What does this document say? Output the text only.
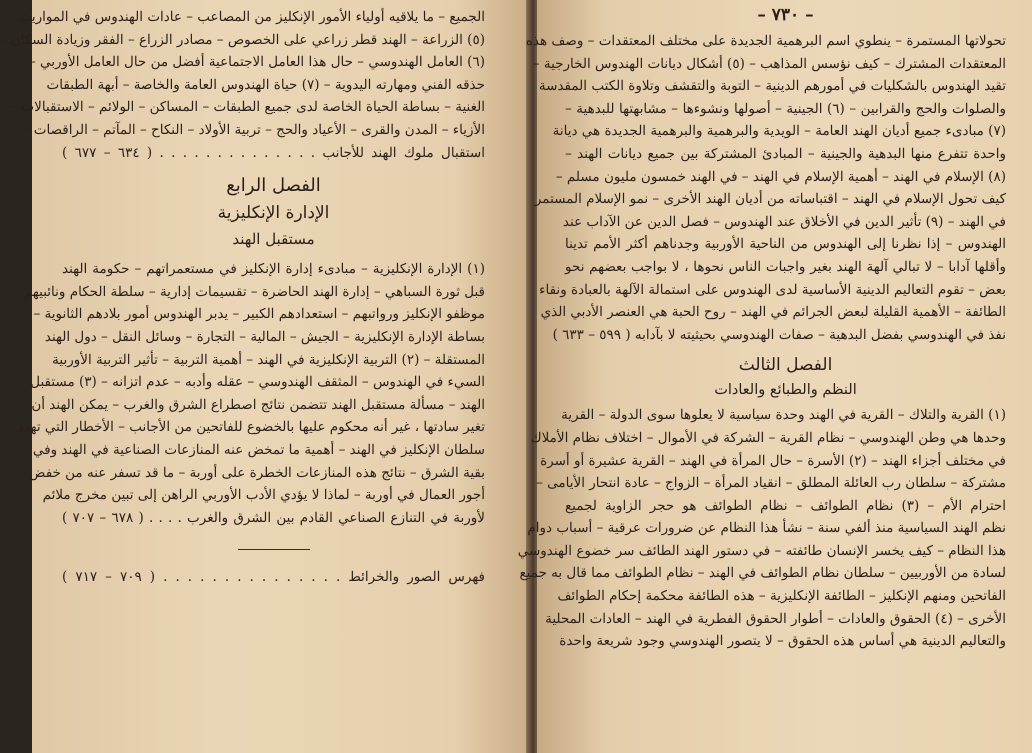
الجميع – ما يلاقيه أولياء الأمور الإنكليز من المصاعب – عادات الهندوس في المواريث

(٥) الزراعة – الهند قطر زراعي على الخصوص – مصادر الزراع – الفقر وزيادة السكان –

(٦) العامل الهندوسي – حال هذا العامل الاجتماعية أفضل من حال العامل الأوربي –

حذقه الفني ومهارته اليدوية – (٧) حياة الهندوس العامة والخاصة – أبهة الطبقات

الغنية – بساطة الحياة الخاصة لدى جميع الطبقات – المساكن – الولائم – الاستقبالات –

الأزياء – المدن والقرى – الأعياد والحج – تربية الأولاد – النكاح – المآتم – الراقصات –

استقبال ملوك الهند للأجانب . . . . . . . . . . . . . . ( ٦٣٤ – ٦٧٧ )

الفصل الرابع

الإدارة الإنكليزية

مستقبل الهند

(١) الإدارة الإنكليزية – مبادىء إدارة الإنكليز في مستعمراتهم – حكومة الهند

قبل ثورة السباهي – إدارة الهند الحاضرة – تقسيمات إدارية – سلطة الحكام ونائبيهم –

موظفو الإنكليز ورواتبهم – استعدادهم الكبير – يدبر الهندوس أمور بلادهم الثانوية –

بساطة الإدارة الإنكليزية – الجيش – المالية – التجارة – وسائل النقل – دول الهند

المستقلة – (٢) التربية الإنكليزية في الهند – أهمية التربية – تأثير التربية الأوربية

السيء في الهندوس – المثقف الهندوسي – عقله وأدبه – عدم اتزانه – (٣) مستقبل

الهند – مسألة مستقبل الهند تتضمن نتائج اصطراع الشرق والغرب – يمكن الهند أن

تغير سادتها ، غير أنه محكوم عليها بالخضوع للفاتحين من الأجانب – الأخطار التي تهدد

سلطان الإنكليز في الهند – أهمية ما تمخض عنه المنازعات الصناعية في الهند وفي

بقية الشرق – نتائج هذه المنازعات الخطرة على أوربة – ما قد تسفر عنه من خفض

أجور العمال في أوربة – لماذا لا يؤدي الأدب الأوربي الراهن إلى تبين مخرج ملائم

لأوربة في التنازع الصناعي القادم بين الشرق والغرب . . . . ( ٦٧٨ – ٧٠٧ )

فهرس الصور والخرائط . . . . . . . . . . . . . . . ( ٧٠٩ – ٧١٧ )

– ٧٣٠ –

تحولاتها المستمرة – ينطوي اسم البرهمية الجديدة على مختلف المعتقدات – وصف هذه

المعتقدات المشترك – كيف نؤسس المذاهب – (٥) أشكال ديانات الهندوس الخارجية –

تقيد الهندوس بالشكليات في أمورهم الدينية – التوبة والتقشف وتلاوة الكتب المقدسة

والصلوات والحج والقرابين – (٦) الجينية – أصولها ونشوءها – مشابهتها للبدهية –

(٧) مبادىء جميع أديان الهند العامة – الويدية والبرهمية والبرهمية الجديدة هي ديانة

واحدة تتفرع منها البدهية والجينية – المبادئ المشتركة بين جميع ديانات الهند –

(٨) الإسلام في الهند – أهمية الإسلام في الهند – في الهند خمسون مليون مسلم –

كيف تحول الإسلام في الهند – اقتباساته من أديان الهند الأخرى – نمو الإسلام المستمر

في الهند – (٩) تأثير الدين في الأخلاق عند الهندوس – فصل الدين عن الآداب عند

الهندوس – إذا نظرنا إلى الهندوس من الناحية الأوربية وجدناهم أكثر الأمم تدينا

وأقلها آدابا – لا تبالي آلهة الهند بغير واجبات الناس نحوها ، لا بواجب بعضهم نحو

بعض – تقوم التعاليم الدينية الأساسية لدى الهندوس على استمالة الآلهة بالعبادة ونقاء

الطائفة – الأهمية القليلة لبعض الجرائم في الهند – روح الحبة هي العنصر الأدبي الذي

نفذ في الهندوسي بفضل البدهية – صفات الهندوسي بحيثيته لا بآدابه ( ٥٩٩ – ٦٣٣ )

الفصل الثالث

النظم والطبائع والعادات

(١) القرية والتلاك – القرية في الهند وحدة سياسية لا يعلوها سوى الدولة – القرية

وحدها هي وطن الهندوسي – نظام القرية – الشركة في الأموال – اختلاف نظام الأملاك

في مختلف أجزاء الهند – (٢) الأسرة – حال المرأة في الهند – القرية عشيرة أو أسرة

مشتركة – سلطان رب العائلة المطلق – انقياد المرأة – الزواج – عادة انتحار الأيامى –

احترام الأم – (٣) نظام الطوائف – نظام الطوائف هو حجر الزاوية لجميع

نظم الهند السياسية منذ ألفي سنة – نشأ هذا النظام عن ضرورات عرقية – أسباب دوام

هذا النظام – كيف يخسر الإنسان طائفته – في دستور الهند الطائف سر خضوع الهندوسي

لسادة من الأوربيين – سلطان نظام الطوائف في الهند – نظام الطوائف مما قال به جميع

الفاتحين ومنهم الإنكليز – الطائفة الإنكليزية – هذه الطائفة محكمة إحكام الطوائف

الأخرى – (٤) الحقوق والعادات – أطوار الحقوق الفطرية في الهند – العادات المحلية

والتعاليم الدينية هي أساس هذه الحقوق – لا يتصور الهندوسي وجود شريعة واحدة
